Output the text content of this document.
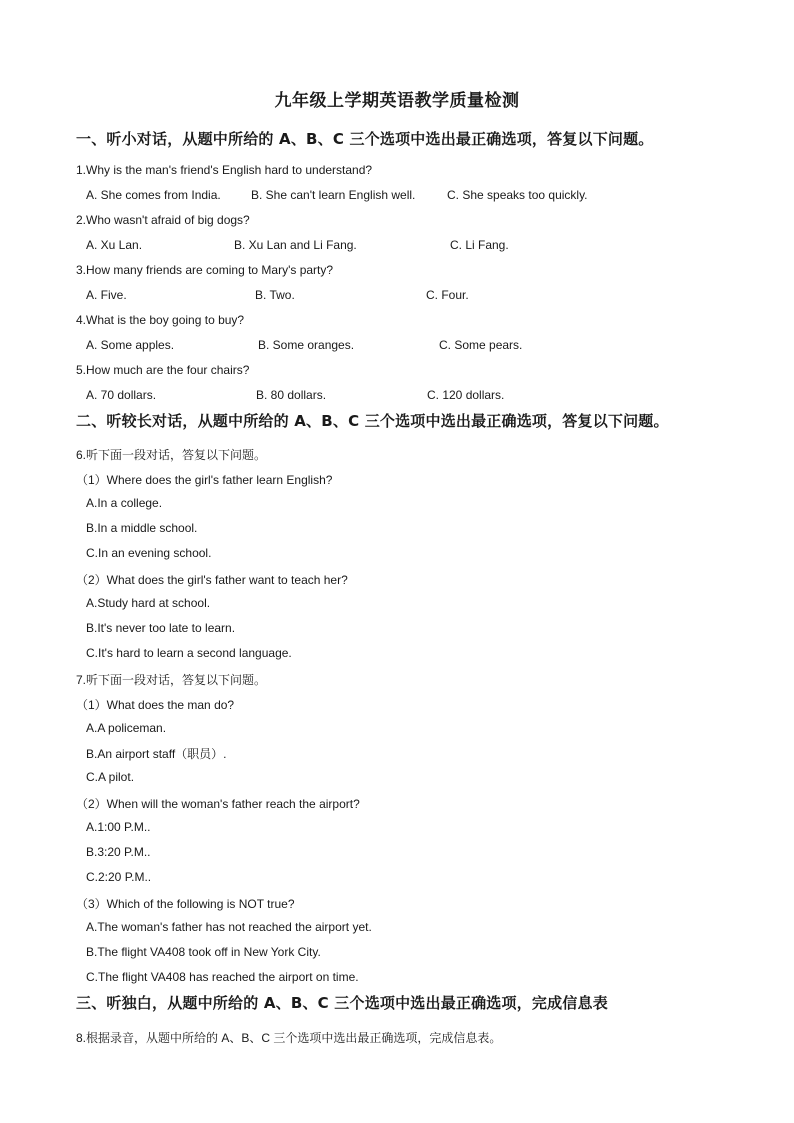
九年级上学期英语教学质量检测
一、听小对话，从题中所给的 A、B、C 三个选项中选出最正确选项，答复以下问题。
1.Why is the man's friend's English hard to understand?
A. She comes from India.	B. She can't learn English well.	C. She speaks too quickly.
2.Who wasn't afraid of big dogs?
A. Xu Lan.	B. Xu Lan and Li Fang.	C. Li Fang.
3.How many friends are coming to Mary's party?
A. Five.	B. Two.	C. Four.
4.What is the boy going to buy?
A. Some apples.	B. Some oranges.	C. Some pears.
5.How much are the four chairs?
A. 70 dollars.	B. 80 dollars.	C. 120 dollars.
二、听较长对话，从题中所给的 A、B、C 三个选项中选出最正确选项，答复以下问题。
6.听下面一段对话，答复以下问题。
（1）Where does the girl's father learn English?
A.In a college.
B.In a middle school.
C.In an evening school.
（2）What does the girl's father want to teach her?
A.Study hard at school.
B.It's never too late to learn.
C.It's hard to learn a second language.
7.听下面一段对话，答复以下问题。
（1）What does the man do?
A.A policeman.
B.An airport staff（职员）.
C.A pilot.
（2）When will the woman's father reach the airport?
A.1:00 P.M..
B.3:20 P.M..
C.2:20 P.M..
（3）Which of the following is NOT true?
A.The woman's father has not reached the airport yet.
B.The flight VA408 took off in New York City.
C.The flight VA408 has reached the airport on time.
三、听独白，从题中所给的 A、B、C 三个选项中选出最正确选项，完成信息表
8.根据录音，从题中所给的 A、B、C 三个选项中选出最正确选项，完成信息表。
